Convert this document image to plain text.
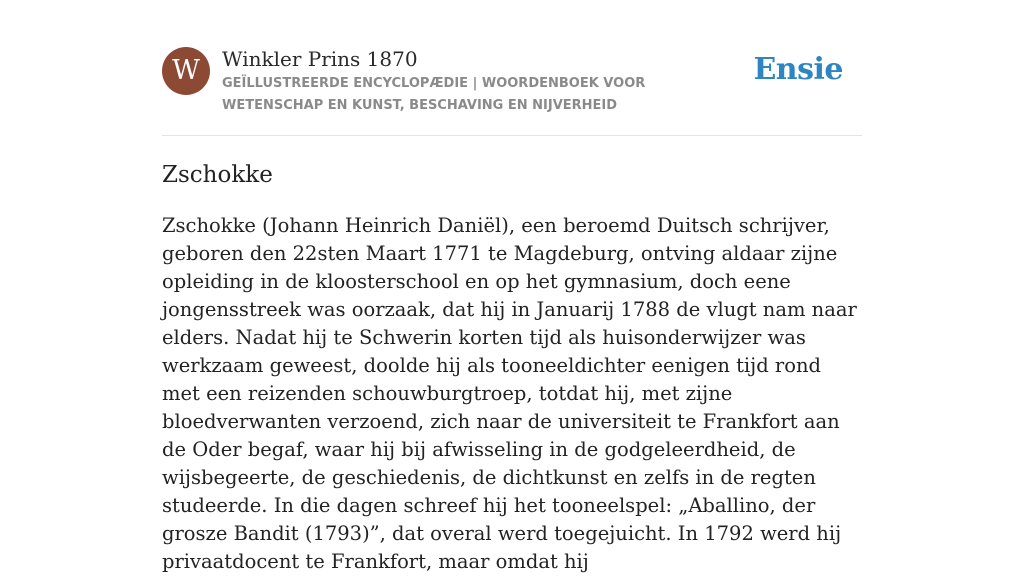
W	Winkler Prins 1870
GEÏLLUSTREERDE ENCYCLOPÆDIE | WOORDENBOEK VOOR WETENSCHAP EN KUNST, BESCHAVING EN NIJVERHEID
Ensie
Zschokke

Zschokke (Johann Heinrich Daniël), een beroemd Duitsch schrijver, geboren den 22sten Maart 1771 te Magdeburg, ontving aldaar zijne opleiding in de kloosterschool en op het gymnasium, doch eene jongensstreek was oorzaak, dat hij in Januarij 1788 de vlugt nam naar elders. Nadat hij te Schwerin korten tijd als huisonderwijzer was werkzaam geweest, doolde hij als tooneeldichter eenigen tijd rond met een reizenden schouwburgtroep, totdat hij, met zijne bloedverwanten verzoend, zich naar de universiteit te Frankfort aan de Oder begaf, waar hij bij afwisseling in de godgeleerdheid, de wijsbegeerte, de geschiedenis, de dichtkunst en zelfs in de regten studeerde. In die dagen schreef hij het tooneelspel: „Aballino, der grosze Bandit (1793)”, dat overal werd toegejuicht. In 1792 werd hij privaatdocent te Frankfort, maar omdat hij
